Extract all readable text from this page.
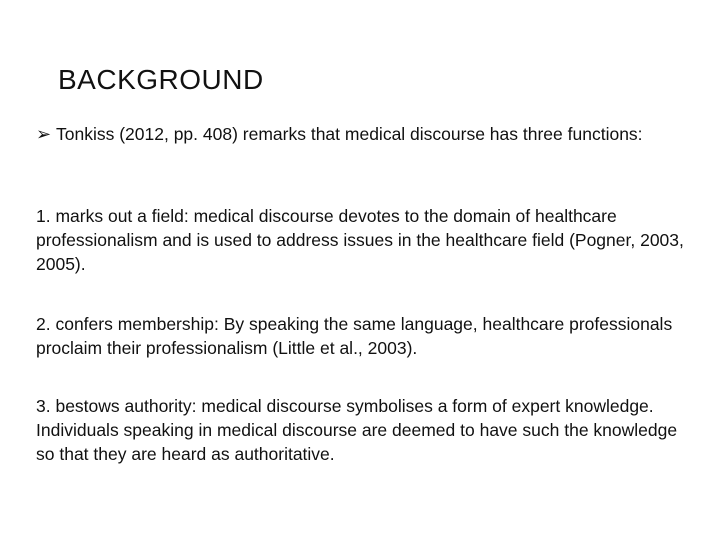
BACKGROUND
➢ Tonkiss (2012, pp. 408) remarks that medical discourse has three functions:

1. marks out a field: medical discourse devotes to the domain of healthcare professionalism and is used to address issues in the healthcare field (Pogner, 2003, 2005).

2. confers membership: By speaking the same language, healthcare professionals proclaim their professionalism (Little et al., 2003).

3. bestows authority: medical discourse symbolises a form of expert knowledge. Individuals speaking in medical discourse are deemed to have such the knowledge so that they are heard as authoritative.
